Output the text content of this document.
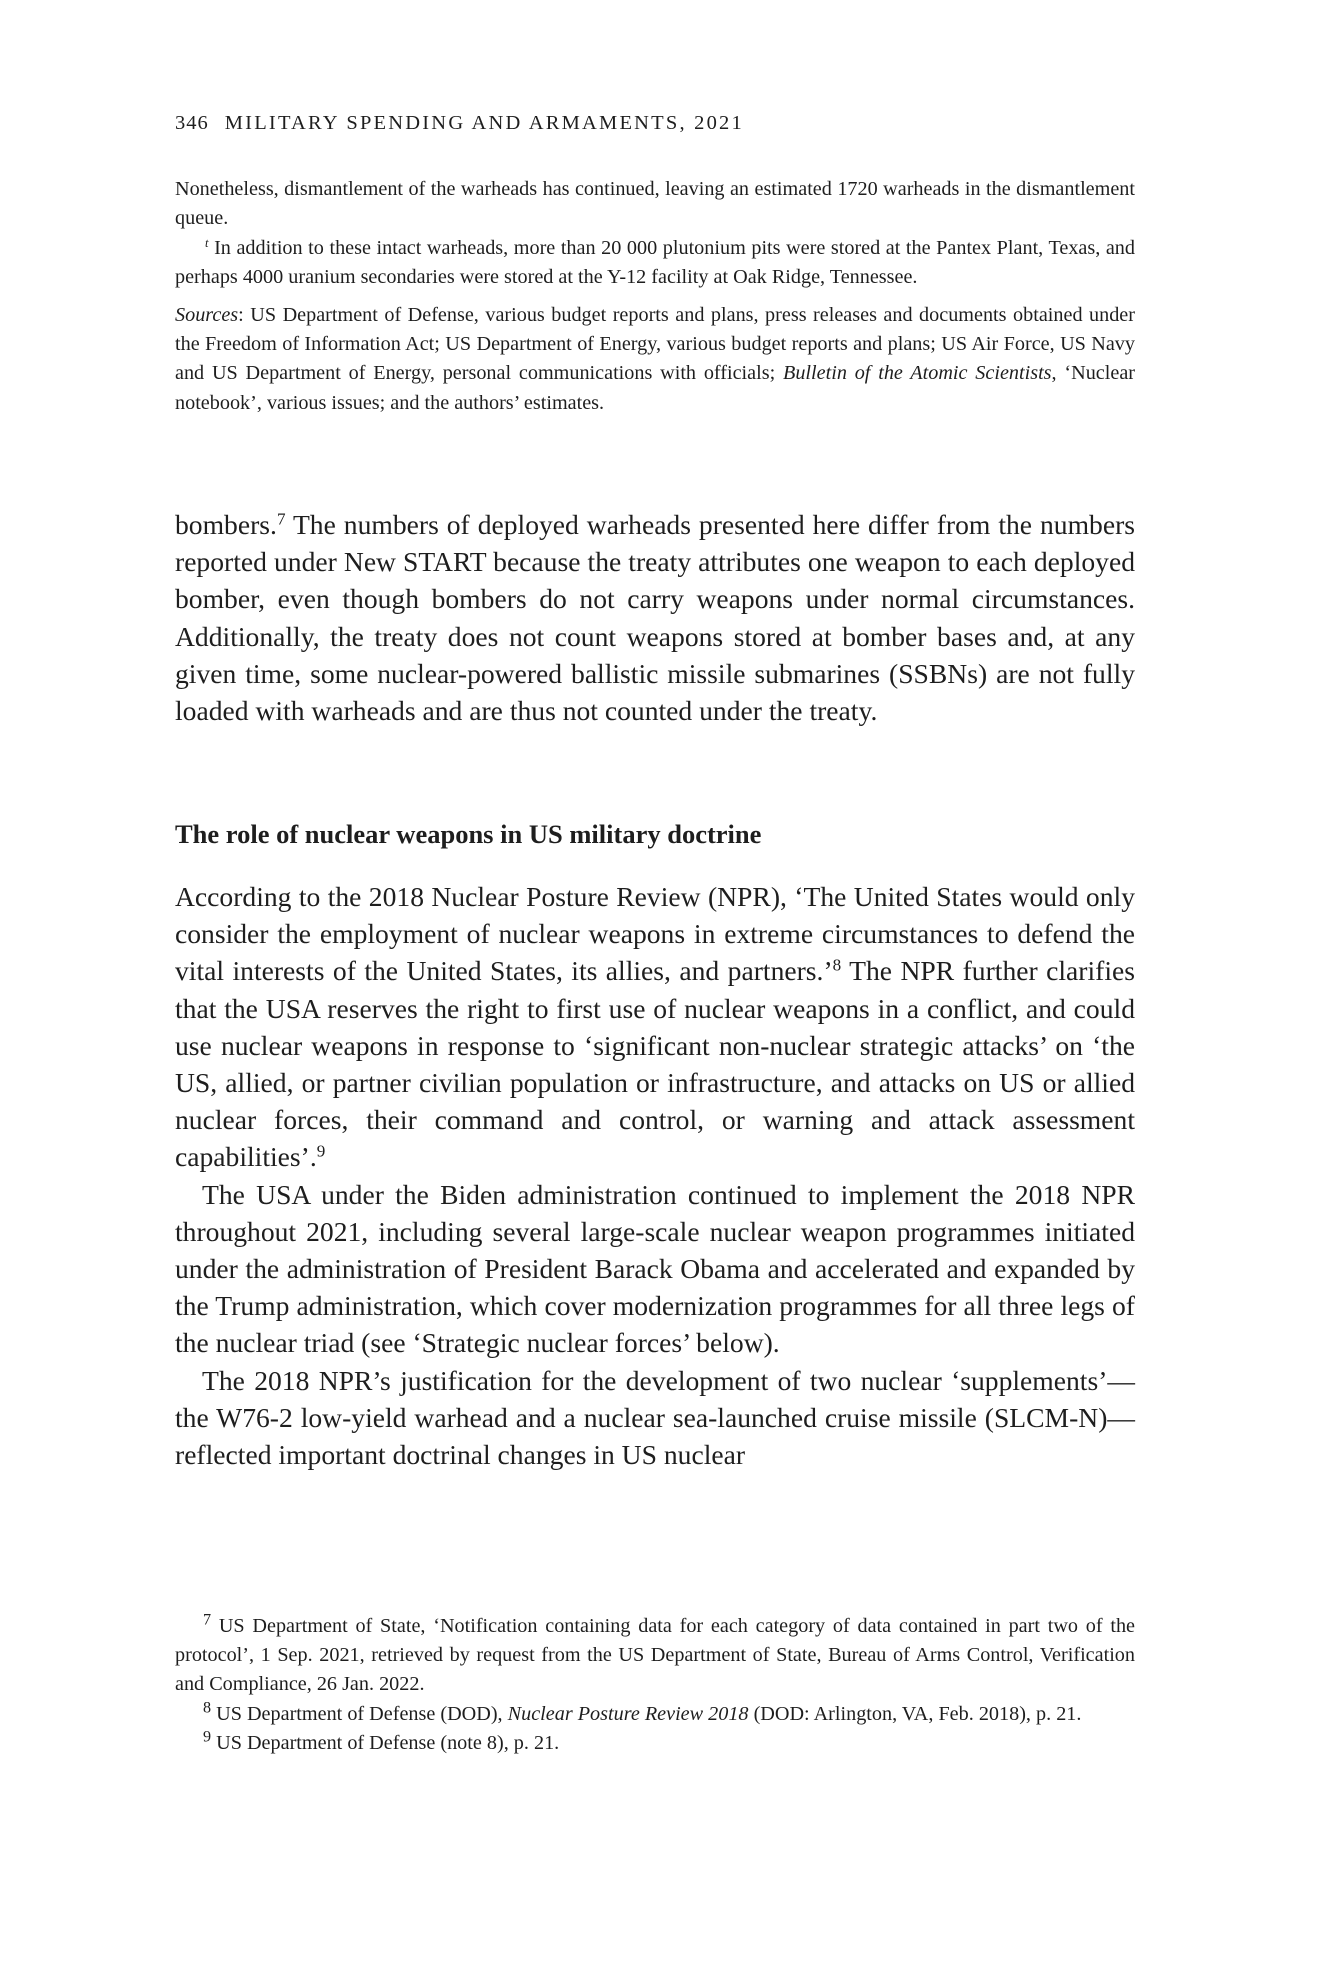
346 MILITARY SPENDING AND ARMAMENTS, 2021

Nonetheless, dismantlement of the warheads has continued, leaving an estimated 1720 warheads in the dismantlement queue.

$^t$ In addition to these intact warheads, more than 20 000 plutonium pits were stored at the Pantex Plant, Texas, and perhaps 4000 uranium secondaries were stored at the Y-12 facility at Oak Ridge, Tennessee.

Sources: US Department of Defense, various budget reports and plans, press releases and documents obtained under the Freedom of Information Act; US Department of Energy, various budget reports and plans; US Air Force, US Navy and US Department of Energy, personal communications with officials; Bulletin of the Atomic Scientists, ‘Nuclear notebook’, various issues; and the authors’ estimates.

bombers.$^7$ The numbers of deployed warheads presented here differ from the numbers reported under New START because the treaty attributes one weapon to each deployed bomber, even though bombers do not carry weapons under normal circumstances. Additionally, the treaty does not count weapons stored at bomber bases and, at any given time, some nuclear-powered ballistic missile submarines (SSBNs) are not fully loaded with warheads and are thus not counted under the treaty.

The role of nuclear weapons in US military doctrine

According to the 2018 Nuclear Posture Review (NPR), ‘The United States would only consider the employment of nuclear weapons in extreme circumstances to defend the vital interests of the United States, its allies, and partners.’$^8$ The NPR further clarifies that the USA reserves the right to first use of nuclear weapons in a conflict, and could use nuclear weapons in response to ‘significant non-nuclear strategic attacks’ on ‘the US, allied, or partner civilian population or infrastructure, and attacks on US or allied nuclear forces, their command and control, or warning and attack assessment capabilities’.$^9$

The USA under the Biden administration continued to implement the 2018 NPR throughout 2021, including several large-scale nuclear weapon programmes initiated under the administration of President Barack Obama and accelerated and expanded by the Trump administration, which cover modernization programmes for all three legs of the nuclear triad (see ‘Strategic nuclear forces’ below).

The 2018 NPR’s justification for the development of two nuclear ‘supplements’—the W76-2 low-yield warhead and a nuclear sea-launched cruise missile (SLCM-N)—reflected important doctrinal changes in US nuclear

$^7$ US Department of State, ‘Notification containing data for each category of data contained in part two of the protocol’, 1 Sep. 2021, retrieved by request from the US Department of State, Bureau of Arms Control, Verification and Compliance, 26 Jan. 2022.

$^8$ US Department of Defense (DOD), Nuclear Posture Review 2018 (DOD: Arlington, VA, Feb. 2018), p. 21.

$^9$ US Department of Defense (note 8), p. 21.
